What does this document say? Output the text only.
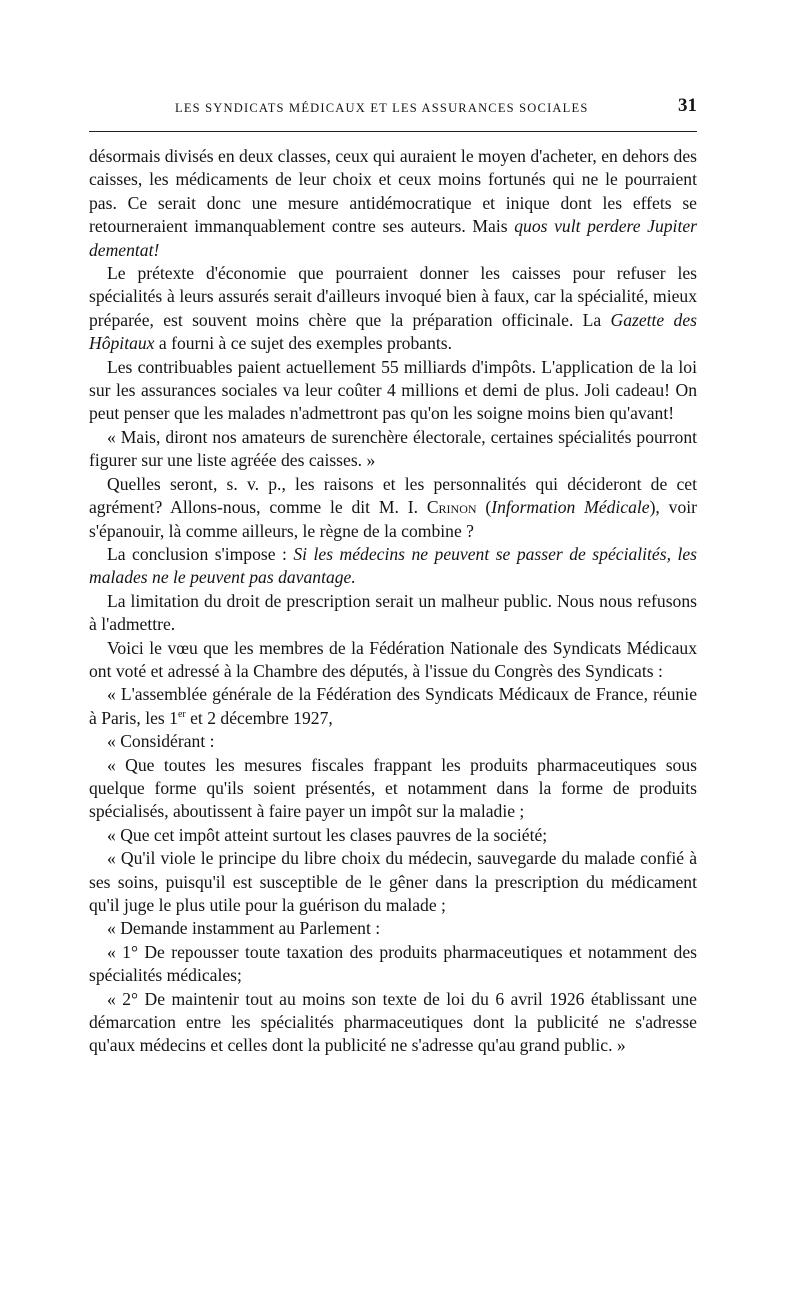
LES SYNDICATS MÉDICAUX ET LES ASSURANCES SOCIALES	31

désormais divisés en deux classes, ceux qui auraient le moyen d'acheter, en dehors des caisses, les médicaments de leur choix et ceux moins fortunés qui ne le pourraient pas. Ce serait donc une mesure antidémocratique et inique dont les effets se retourneraient immanquablement contre ses auteurs. Mais quos vult perdere Jupiter dementat!

Le prétexte d'économie que pourraient donner les caisses pour refuser les spécialités à leurs assurés serait d'ailleurs invoqué bien à faux, car la spécialité, mieux préparée, est souvent moins chère que la préparation officinale. La Gazette des Hôpitaux a fourni à ce sujet des exemples probants.

Les contribuables paient actuellement 55 milliards d'impôts. L'application de la loi sur les assurances sociales va leur coûter 4 millions et demi de plus. Joli cadeau! On peut penser que les malades n'admettront pas qu'on les soigne moins bien qu'avant!

« Mais, diront nos amateurs de surenchère électorale, certaines spécialités pourront figurer sur une liste agréée des caisses. »

Quelles seront, s. v. p., les raisons et les personnalités qui décideront de cet agrément? Allons-nous, comme le dit M. I. Crinon (Information Médicale), voir s'épanouir, là comme ailleurs, le règne de la combine ?

La conclusion s'impose : Si les médecins ne peuvent se passer de spécialités, les malades ne le peuvent pas davantage.

La limitation du droit de prescription serait un malheur public. Nous nous refusons à l'admettre.

Voici le vœu que les membres de la Fédération Nationale des Syndicats Médicaux ont voté et adressé à la Chambre des députés, à l'issue du Congrès des Syndicats :

« L'assemblée générale de la Fédération des Syndicats Médicaux de France, réunie à Paris, les 1er et 2 décembre 1927,

« Considérant :

« Que toutes les mesures fiscales frappant les produits pharmaceutiques sous quelque forme qu'ils soient présentés, et notamment dans la forme de produits spécialisés, aboutissent à faire payer un impôt sur la maladie ;

« Que cet impôt atteint surtout les clases pauvres de la société;

« Qu'il viole le principe du libre choix du médecin, sauvegarde du malade confié à ses soins, puisqu'il est susceptible de le gêner dans la prescription du médicament qu'il juge le plus utile pour la guérison du malade ;

« Demande instamment au Parlement :

« 1° De repousser toute taxation des produits pharmaceutiques et notamment des spécialités médicales;

« 2° De maintenir tout au moins son texte de loi du 6 avril 1926 établissant une démarcation entre les spécialités pharmaceutiques dont la publicité ne s'adresse qu'aux médecins et celles dont la publicité ne s'adresse qu'au grand public. »
